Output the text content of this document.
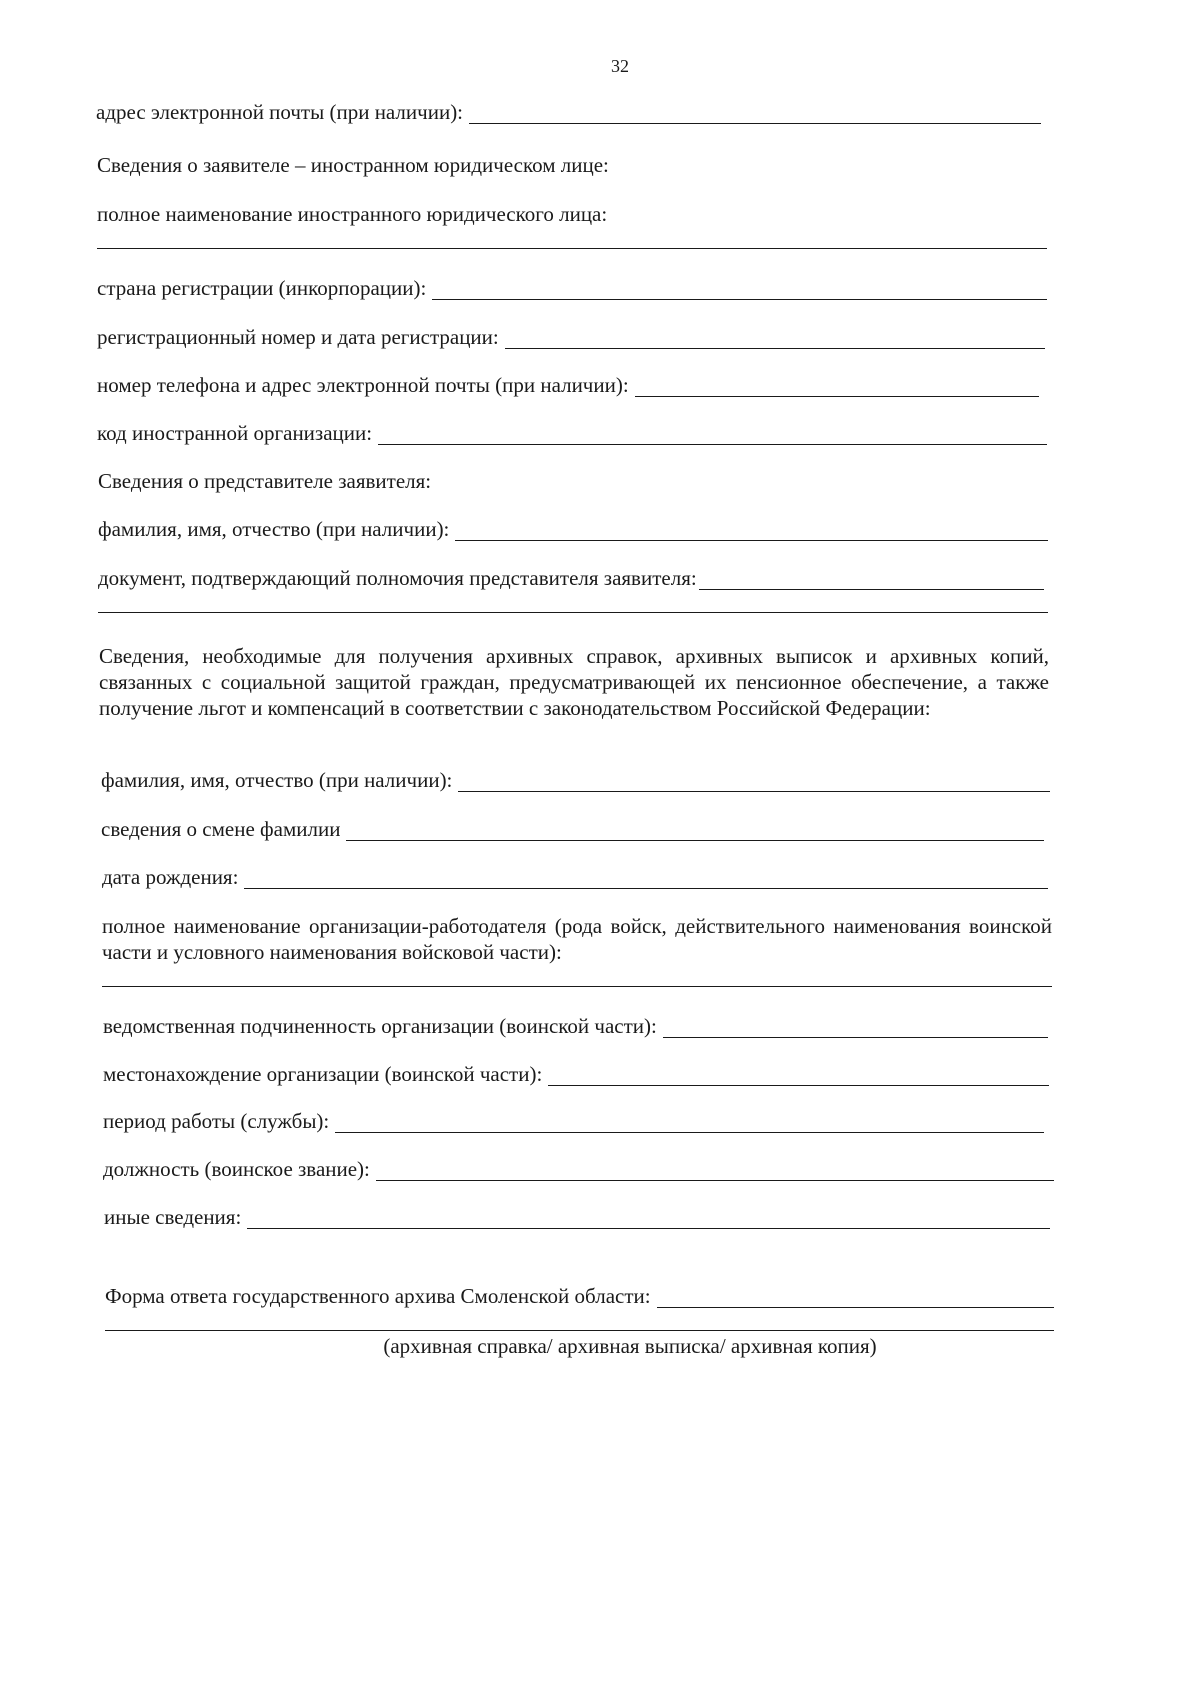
32
адрес электронной почты (при наличии):
Сведения о заявителе – иностранном юридическом лице:
полное наименование иностранного юридического лица:
страна регистрации (инкорпорации):
регистрационный номер и дата регистрации:
номер телефона и адрес электронной почты (при наличии):
код иностранной организации:
Сведения о представителе заявителя:
фамилия, имя, отчество (при наличии):
документ, подтверждающий полномочия представителя заявителя:
Сведения, необходимые для получения архивных справок, архивных выписок и архивных копий, связанных с социальной защитой граждан, предусматривающей их пенсионное обеспечение, а также получение льгот и компенсаций в соответствии с законодательством Российской Федерации:
фамилия, имя, отчество (при наличии):
сведения о смене фамилии
дата рождения:
полное наименование организации-работодателя (рода войск, действительного наименования воинской части и условного наименования войсковой части):
ведомственная подчиненность организации (воинской части):
местонахождение организации (воинской части):
период работы (службы):
должность (воинское звание):
иные сведения:
Форма ответа государственного архива Смоленской области:
(архивная справка/ архивная выписка/ архивная копия)
